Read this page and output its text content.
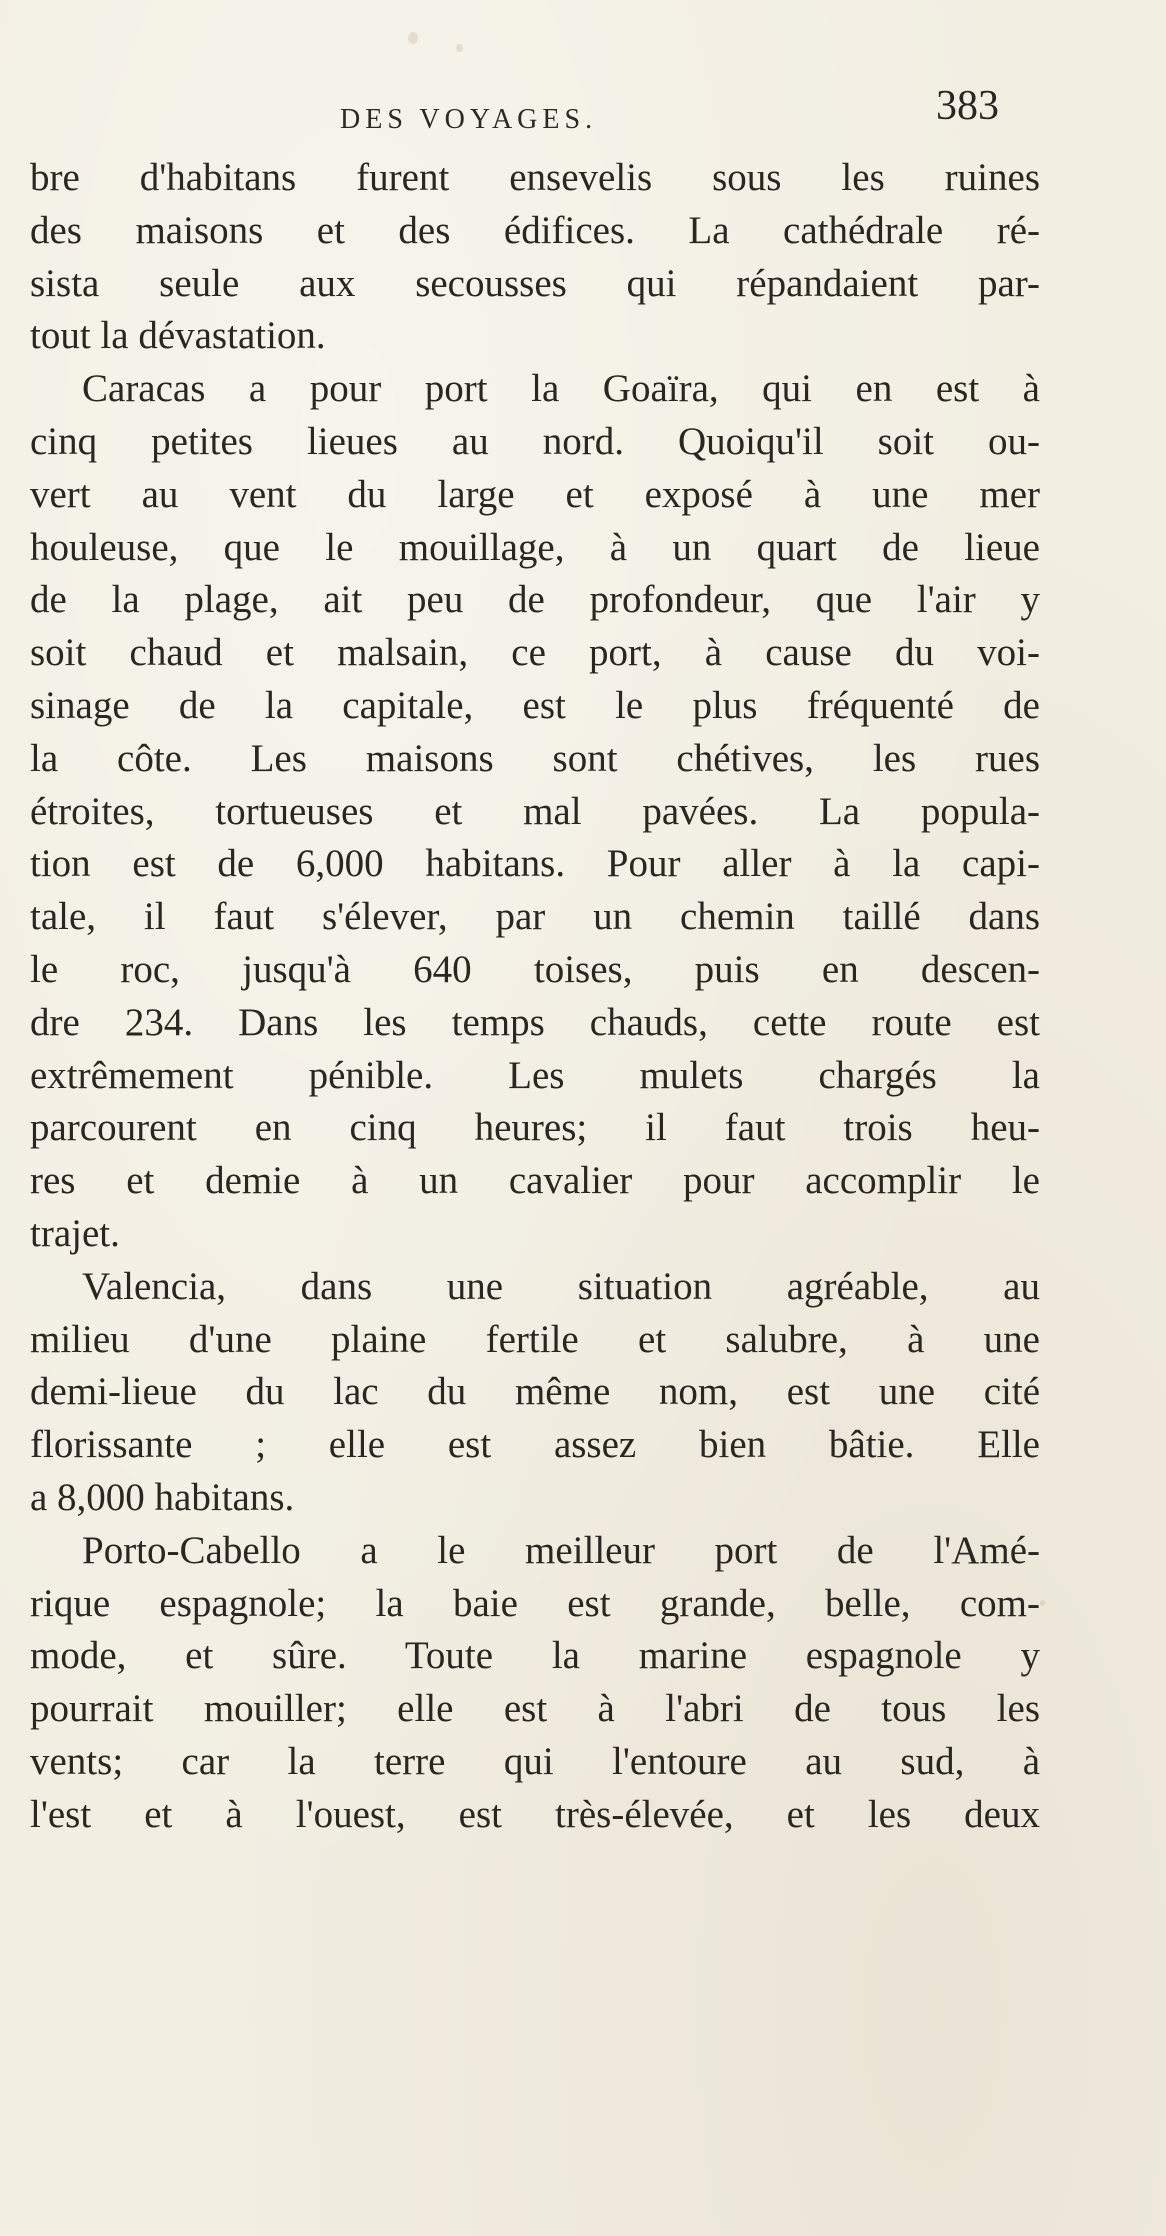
DES VOYAGES.	383
bre d'habitans furent ensevelis sous les ruines
des maisons et des édifices. La cathédrale ré-
sista seule aux secousses qui répandaient par-
tout la dévastation.
Caracas a pour port la Goaïra, qui en est à
cinq petites lieues au nord. Quoiqu'il soit ou-
vert au vent du large et exposé à une mer
houleuse, que le mouillage, à un quart de lieue
de la plage, ait peu de profondeur, que l'air y
soit chaud et malsain, ce port, à cause du voi-
sinage de la capitale, est le plus fréquenté de
la côte. Les maisons sont chétives, les rues
étroites, tortueuses et mal pavées. La popula-
tion est de 6,000 habitans. Pour aller à la capi-
tale, il faut s'élever, par un chemin taillé dans
le roc, jusqu'à 640 toises, puis en descen-
dre 234. Dans les temps chauds, cette route est
extrêmement pénible. Les mulets chargés la
parcourent en cinq heures; il faut trois heu-
res et demie à un cavalier pour accomplir le
trajet.
Valencia, dans une situation agréable, au
milieu d'une plaine fertile et salubre, à une
demi-lieue du lac du même nom, est une cité
florissante ; elle est assez bien bâtie. Elle
a 8,000 habitans.
Porto-Cabello a le meilleur port de l'Amé-
rique espagnole; la baie est grande, belle, com-
mode, et sûre. Toute la marine espagnole y
pourrait mouiller; elle est à l'abri de tous les
vents; car la terre qui l'entoure au sud, à
l'est et à l'ouest, est très-élevée, et les deux
